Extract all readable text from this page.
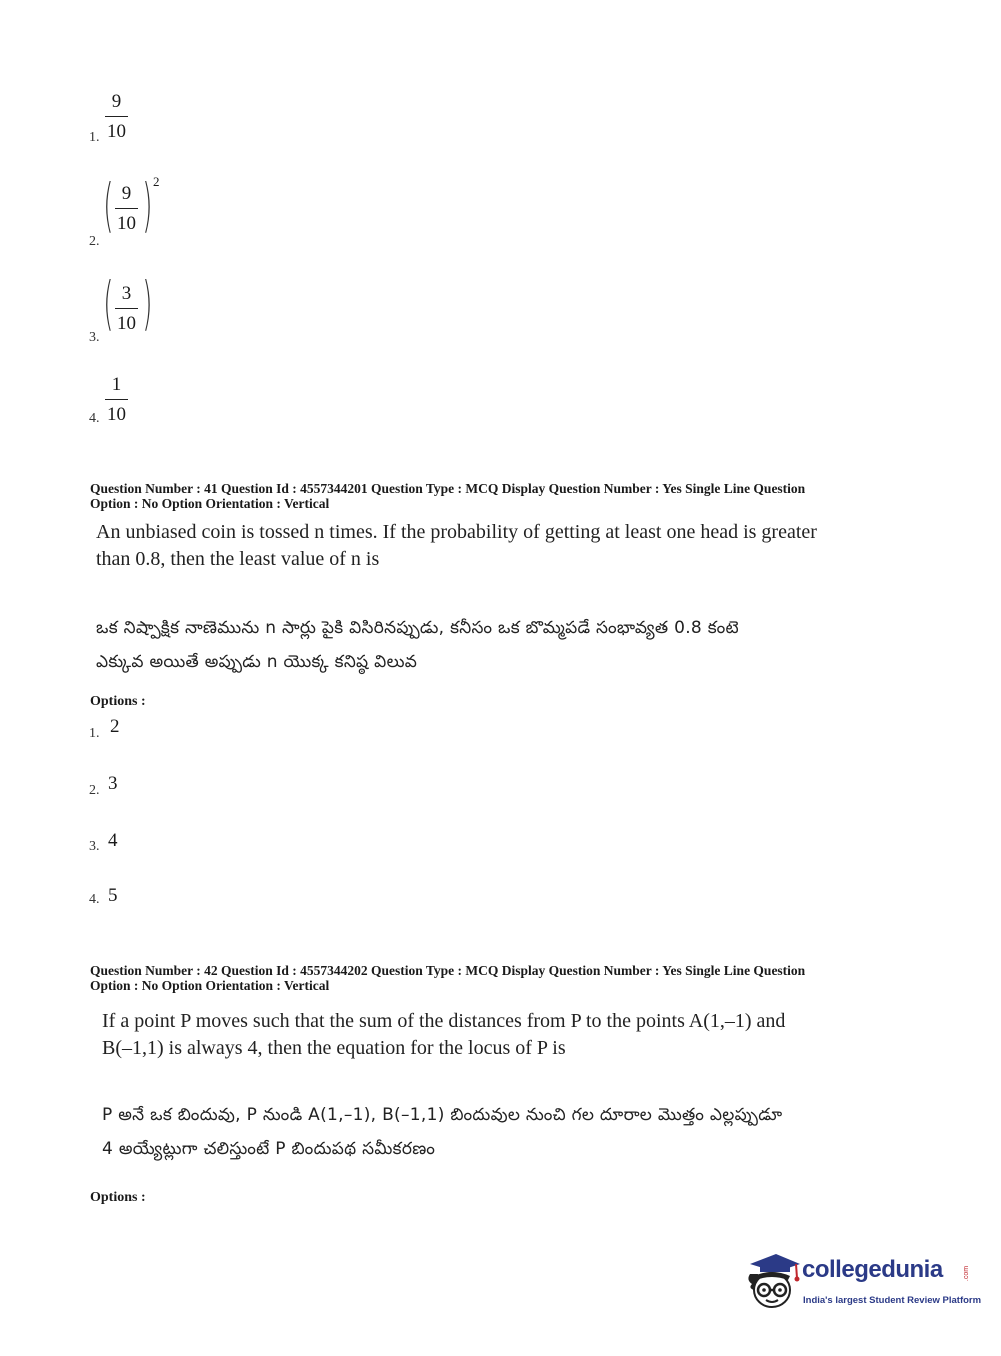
1. $\frac{9}{10}$
2.
( $\frac{9}{10}$ ) 2
3.
( $\frac{3}{10}$ )
4. $\frac{1}{10}$
Question Number : 41 Question Id : 4557344201 Question Type : MCQ Display Question Number : Yes Single Line Question
Option : No Option Orientation : Vertical
An unbiased coin is tossed n times. If the probability of getting at least one head is greater
than 0.8, then the least value of n is
ఒక నిష్పాక్షిక నాణెమును n సార్లు పైకి విసిరినప్పుడు, కనీసం ఒక బొమ్మపడే సంభావ్యత 0.8 కంటె
ఎక్కువ అయితే అప్పుడు n యొక్క కనిష్ఠ విలువ
Options :
1. 2
2. 3
3. 4
4. 5
Question Number : 42 Question Id : 4557344202 Question Type : MCQ Display Question Number : Yes Single Line Question
Option : No Option Orientation : Vertical
If a point P moves such that the sum of the distances from P to the points A(1,–1) and
B(–1,1) is always 4, then the equation for the locus of P is
P అనే ఒక బిందువు, P నుండి A(1,–1), B(–1,1) బిందువుల నుంచి గల దూరాల మొత్తం ఎల్లప్పుడూ
4 అయ్యేట్లుగా చలిస్తుంటే P బిందుపథ సమీకరణం
Options :
collegedunia	.com
India's largest Student Review Platform
